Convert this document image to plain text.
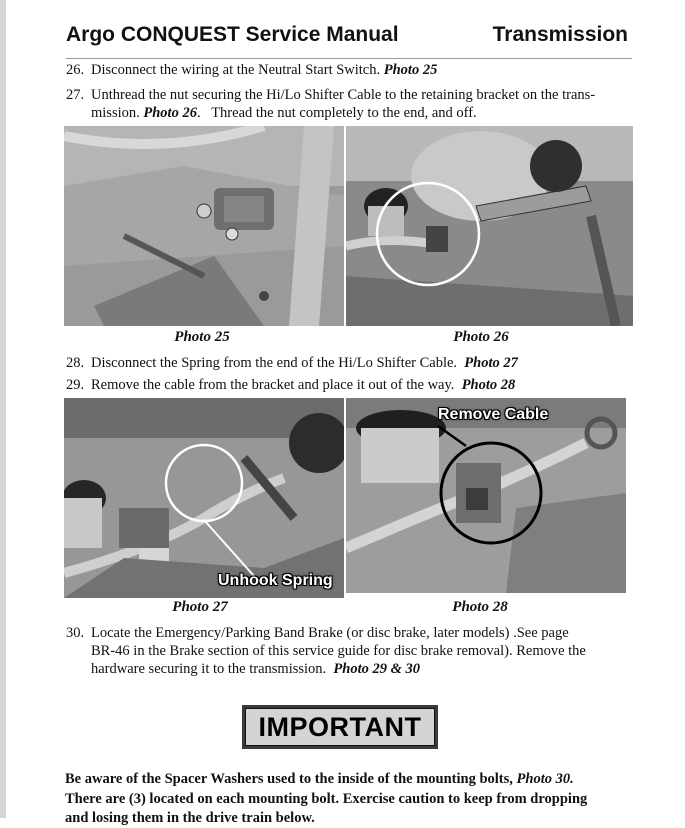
Argo CONQUEST Service Manual	Transmission
26. Disconnect the wiring at the Neutral Start Switch. Photo 25
27. Unthread the nut securing the Hi/Lo Shifter Cable to the retaining bracket on the trans-
mission. Photo 26.   Thread the nut completely to the end, and off.
Photo 25	Photo 26
28. Disconnect the Spring from the end of the Hi/Lo Shifter Cable. Photo 27
29. Remove the cable from the bracket and place it out of the way. Photo 28
Unhook Spring
Remove Cable
Photo 27	Photo 28
30. Locate the Emergency/Parking Band Brake (or disc brake, later models) .See page
BR-46 in the Brake section of this service guide for disc brake removal). Remove the
hardware securing it to the transmission. Photo 29 & 30
IMPORTANT
Be aware of the Spacer Washers used to the inside of the mounting bolts, Photo 30.
There are (3) located on each mounting bolt. Exercise caution to keep from dropping
and losing them in the drive train below.
